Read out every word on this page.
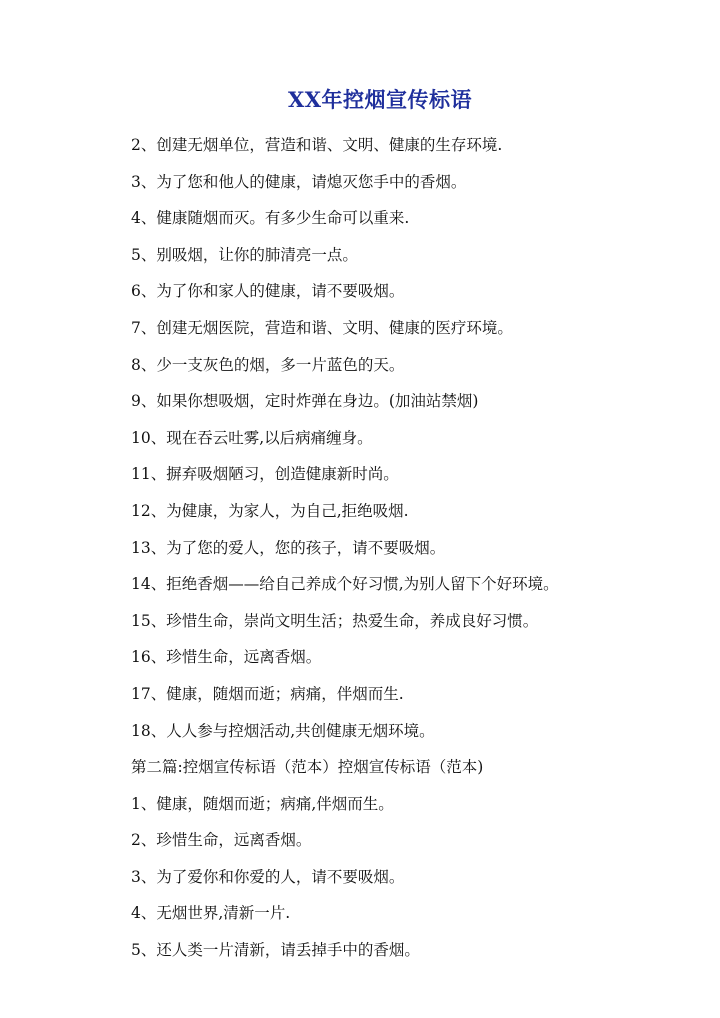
XX年控烟宣传标语
2、创建无烟单位，营造和谐、文明、健康的生存环境.
3、为了您和他人的健康，请熄灭您手中的香烟。
4、健康随烟而灭。有多少生命可以重来.
5、别吸烟，让你的肺清亮一点。
6、为了你和家人的健康，请不要吸烟。
7、创建无烟医院，营造和谐、文明、健康的医疗环境。
8、少一支灰色的烟，多一片蓝色的天。
9、如果你想吸烟，定时炸弹在身边。(加油站禁烟)
10、现在吞云吐雾,以后病痛缠身。
11、摒弃吸烟陋习，创造健康新时尚。
12、为健康，为家人，为自己,拒绝吸烟.
13、为了您的爱人，您的孩子，请不要吸烟。
14、拒绝香烟——给自己养成个好习惯,为别人留下个好环境。
15、珍惜生命，崇尚文明生活；热爱生命，养成良好习惯。
16、珍惜生命，远离香烟。
17、健康，随烟而逝；病痛，伴烟而生.
18、人人参与控烟活动,共创健康无烟环境。
第二篇:控烟宣传标语（范本）控烟宣传标语（范本)
1、健康，随烟而逝；病痛,伴烟而生。
2、珍惜生命，远离香烟。
3、为了爱你和你爱的人，请不要吸烟。
4、无烟世界,清新一片.
5、还人类一片清新，请丢掉手中的香烟。
